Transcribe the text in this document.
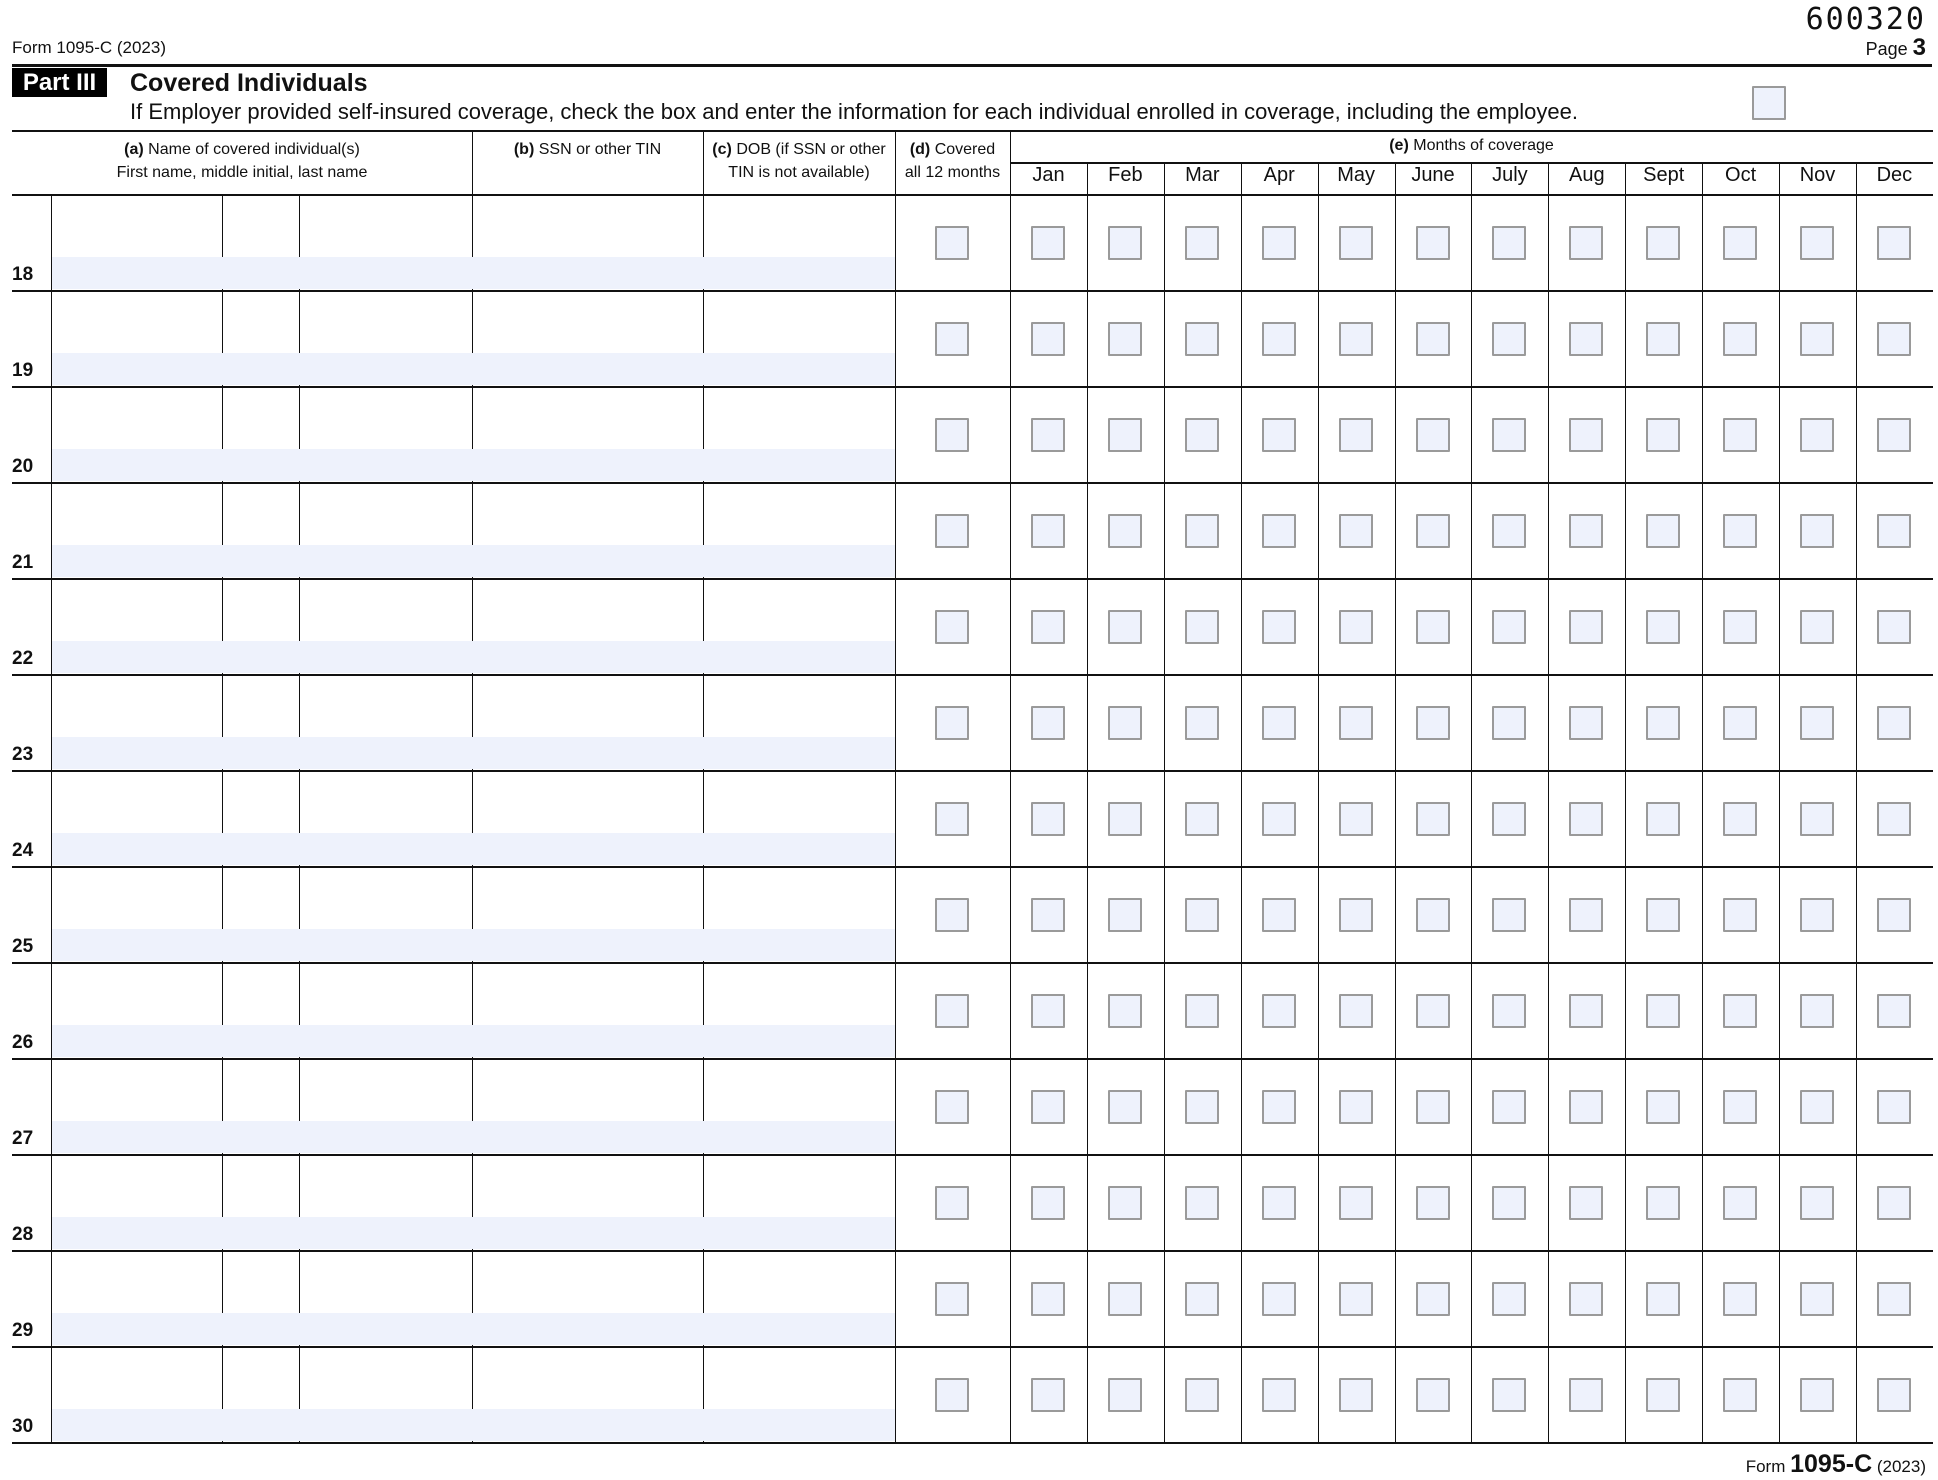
Form 1095-C (2023)
600320
Page 3
Part III	Covered Individuals
If Employer provided self-insured coverage, check the box and enter the information for each individual enrolled in coverage, including the employee.
(a) Name of covered individual(s)
First name, middle initial, last name
(b) SSN or other TIN	(c) DOB (if SSN or other
TIN is not available)
(d) Covered
all 12 months
(e) Months of coverage
Jan	Feb	Mar	Apr	May	June	July	Aug	Sept	Oct	Nov	Dec
18
19
20
21
22
23
24
25
26
27
28
29
30
Form 1095-C (2023)
